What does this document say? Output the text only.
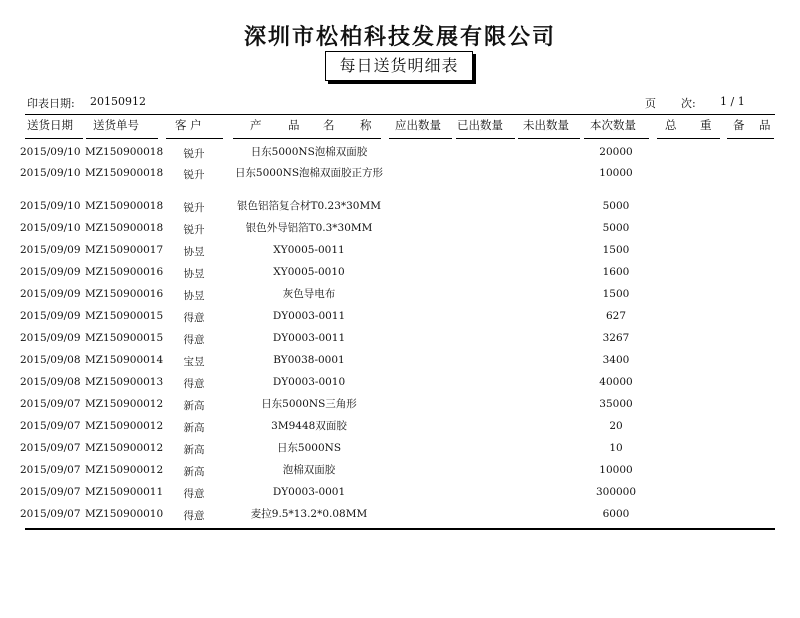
深圳市松柏科技发展有限公司
每日送货明细表
印表日期: 20150912	页 次: 1 / 1
送货日期 送货单号	客 户	产 品 名 称 应出数量 已出数量 未出数量 本次数量	总 重 备 品
2015/09/10 MZ150900018	锐升	日东5000NS泡棉双面胶	20000
2015/09/10 MZ150900018	锐升	日东5000NS泡棉双面胶正方形	10000
2015/09/10 MZ150900018	锐升	银色铝箔复合材T0.23*30MM	5000
2015/09/10 MZ150900018	锐升	银色外导铝箔T0.3*30MM	5000
2015/09/09 MZ150900017	协昱	XY0005-0011	1500
2015/09/09 MZ150900016	协昱	XY0005-0010	1600
2015/09/09 MZ150900016	协昱	灰色导电布	1500
2015/09/09 MZ150900015	得意	DY0003-0011	627
2015/09/09 MZ150900015	得意	DY0003-0011	3267
2015/09/08 MZ150900014	宝昱	BY0038-0001	3400
2015/09/08 MZ150900013	得意	DY0003-0010	40000
2015/09/07 MZ150900012	新高	日东5000NS三角形	35000
2015/09/07 MZ150900012	新高	3M9448双面胶	20
2015/09/07 MZ150900012	新高	日东5000NS	10
2015/09/07 MZ150900012	新高	泡棉双面胶	10000
2015/09/07 MZ150900011	得意	DY0003-0001	300000
2015/09/07 MZ150900010	得意	麦拉9.5*13.2*0.08MM	6000
